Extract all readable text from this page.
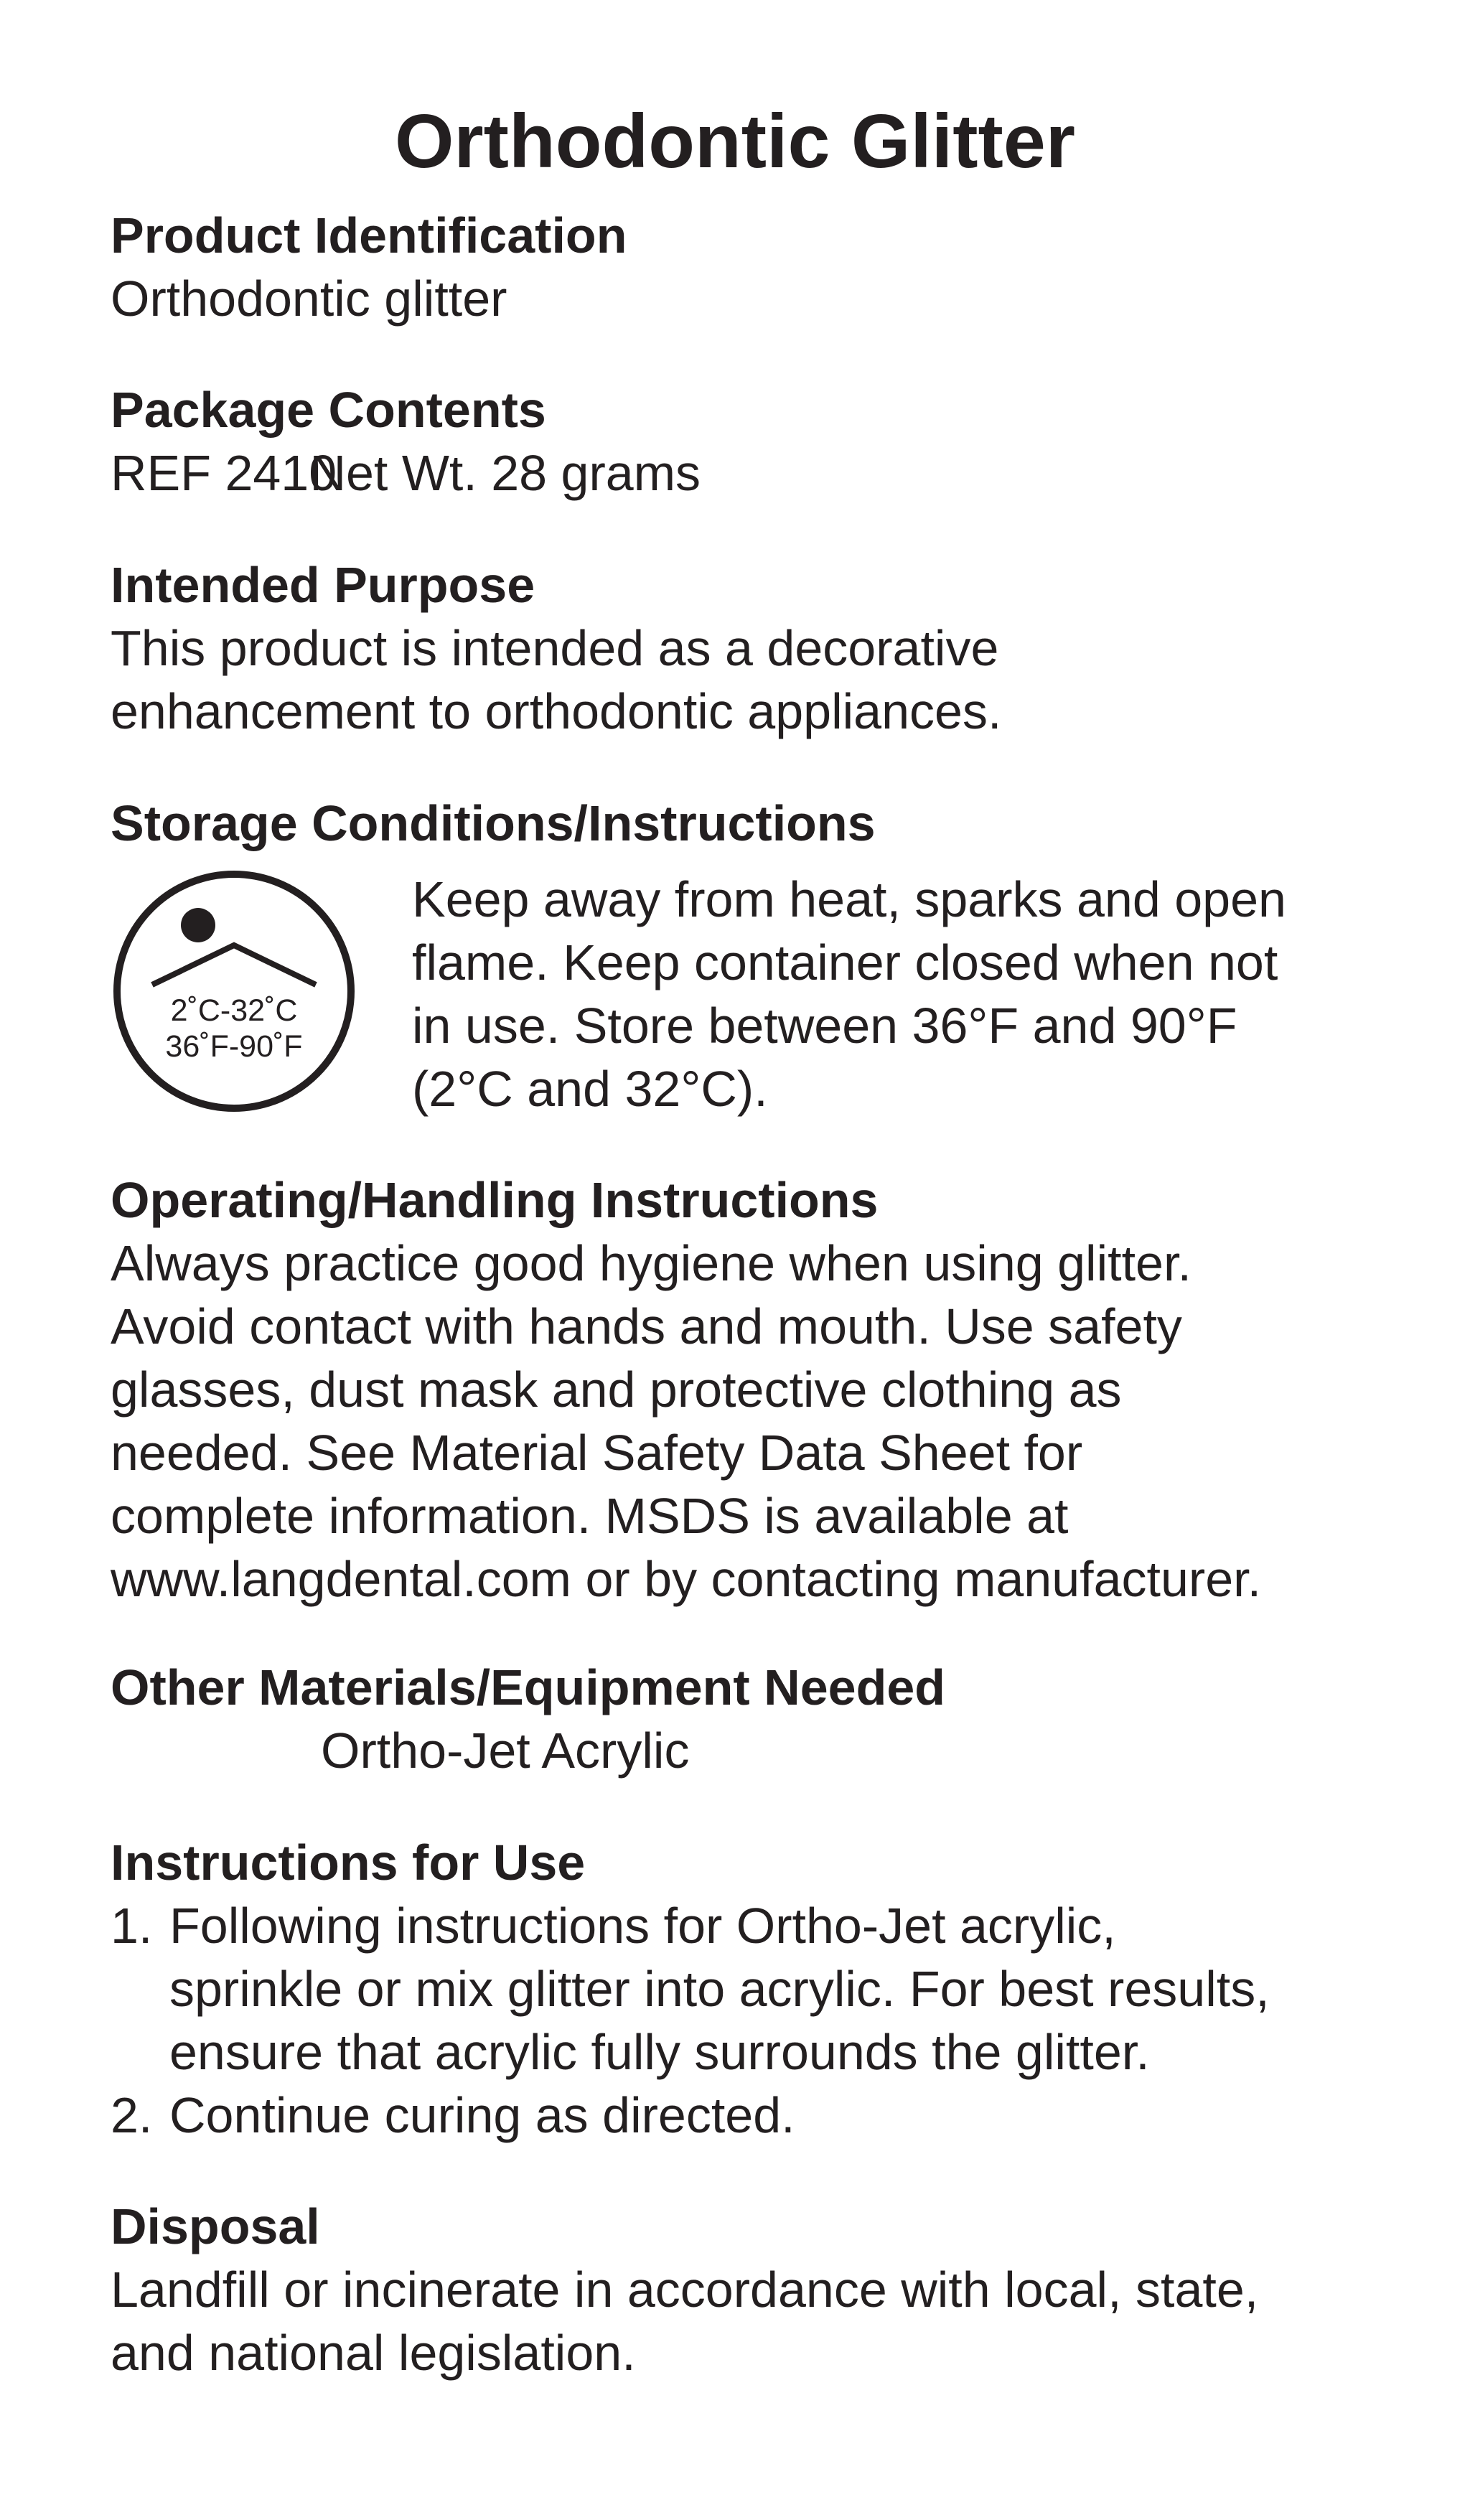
Orthodontic Glitter

Product Identification

Orthodontic glitter

Package Contents

REF 2410 Net Wt. 28 grams

Intended Purpose

This product is intended as a decorative
enhancement to orthodontic appliances.

Storage Conditions/Instructions

2˚C-32˚C
36˚F-90˚F
Keep away from heat, sparks and open
flame. Keep container closed when not
in use. Store between 36°F and 90°F
(2°C and 32°C).

Operating/Handling Instructions

Always practice good hygiene when using glitter.
Avoid contact with hands and mouth. Use safety
glasses, dust mask and protective clothing as
needed. See Material Safety Data Sheet for
complete information. MSDS is available at
www.langdental.com or by contacting manufacturer.

Other Materials/Equipment Needed

Ortho-Jet Acrylic

Instructions for Use

1. Following instructions for Ortho-Jet acrylic,
sprinkle or mix glitter into acrylic. For best results,
ensure that acrylic fully surrounds the glitter.
2. Continue curing as directed.

Disposal

Landfill or incinerate in accordance with local, state,
and national legislation.
